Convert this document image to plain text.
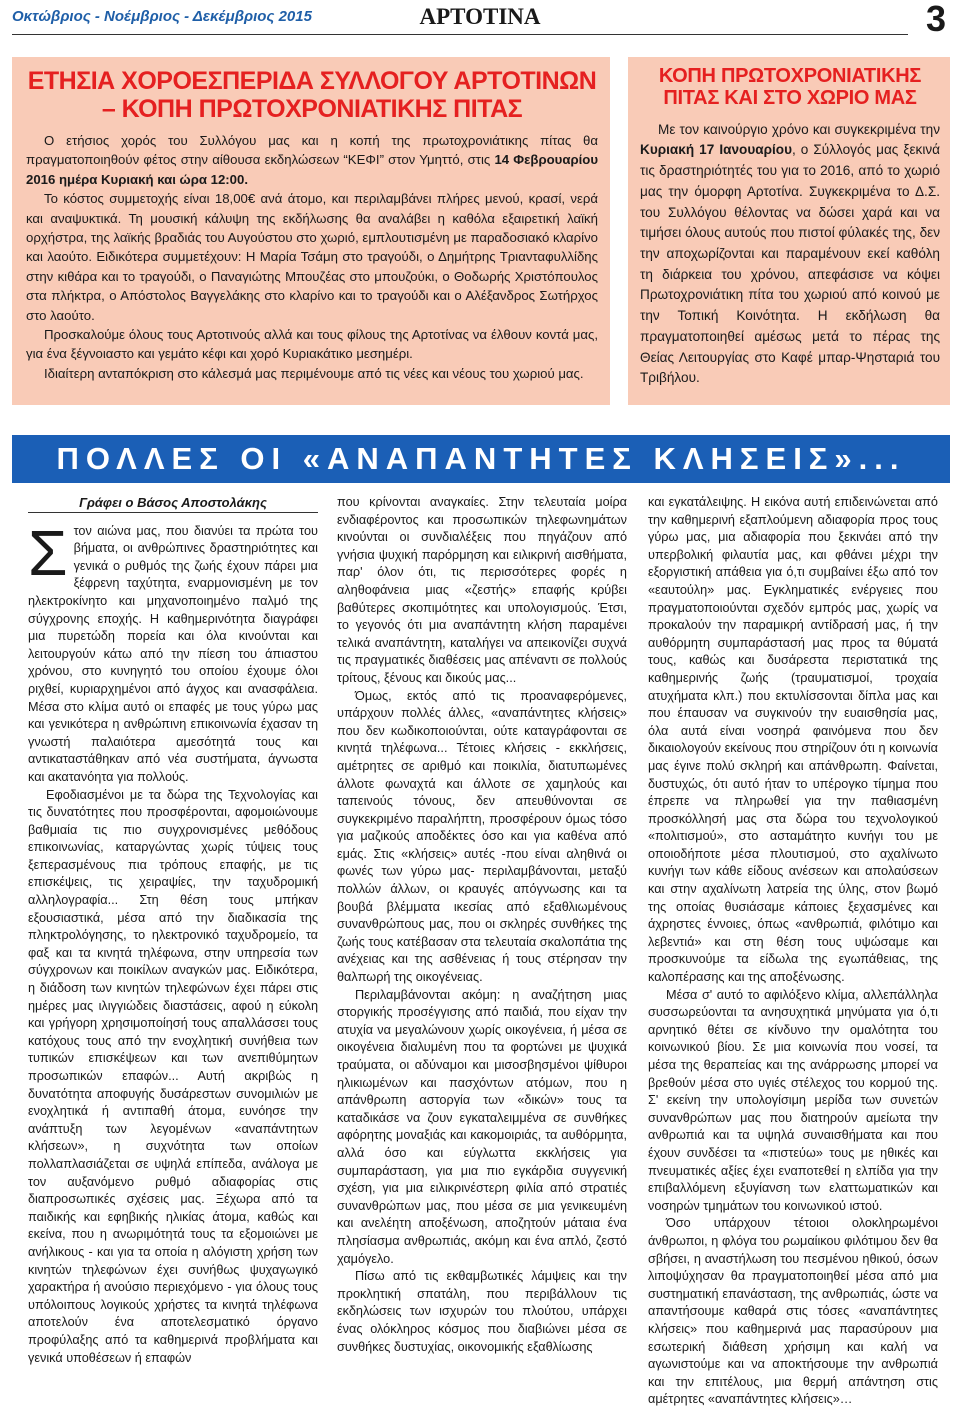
Οκτώβριος - Νοέμβριος - Δεκέμβριος 2015	ΑΡΤΟΤΙΝΑ	3
ΕΤΗΣΙΑ ΧΟΡΟΕΣΠΕΡΙΔΑ ΣΥΛΛΟΓΟΥ ΑΡΤΟΤΙΝΩΝ
– ΚΟΠΗ ΠΡΩΤΟΧΡΟΝΙΑΤΙΚΗΣ ΠΙΤΑΣ

Ο ετήσιος χορός του Συλλόγου μας και η κοπή της πρωτοχρονιάτικης πίτας θα πραγματοποιηθούν φέτος στην αίθουσα εκδηλώσεων “ΚΕΦΙ” στον Υμηττό, στις 14 Φεβρουαρίου 2016 ημέρα Κυριακή και ώρα 12:00.

Το κόστος συμμετοχής είναι 18,00€ ανά άτομο, και περιλαμβάνει πλήρες μενού, κρασί, νερά και αναψυκτικά. Τη μουσική κάλυψη της εκδήλωσης θα αναλάβει η καθόλα εξαιρετική λαϊκή ορχήστρα, της λαϊκής βραδιάς του Αυγούστου στο χωριό, εμπλουτισμένη με παραδοσιακό κλαρίνο και λαούτο. Ειδικότερα συμμετέχουν: Η Μαρία Τσάμη στο τραγούδι, ο Δημήτρης Τριανταφυλλίδης στην κιθάρα και το τραγούδι, ο Παναγιώτης Μπουζέας στο μπουζούκι, ο Θοδωρής Χριστόπουλος στα πλήκτρα, ο Απόστολος Βαγγελάκης στο κλαρίνο και το τραγούδι και ο Αλέξανδρος Σωτήρχος στο λαούτο.

Προσκαλούμε όλους τους Αρτοτινούς αλλά και τους φίλους της Αρτοτίνας να έλθουν κοντά μας, για ένα ξέγνοιαστο και γεμάτο κέφι και χορό Κυριακάτικο μεσημέρι.

Ιδιαίτερη ανταπόκριση στο κάλεσμά μας περιμένουμε από τις νέες και νέους του χωριού μας.

ΚΟΠΗ ΠΡΩΤΟΧΡΟΝΙΑΤΙΚΗΣ
ΠΙΤΑΣ ΚΑΙ ΣΤΟ ΧΩΡΙΟ ΜΑΣ

Με τον καινούργιο χρόνο και συγκεκριμένα την Κυριακή 17 Ιανουαρίου, ο Σύλλογός μας ξεκινά τις δραστηριότητές του για το 2016, από το χωριό μας την όμορφη Αρτοτίνα. Συγκεκριμένα το Δ.Σ. του Συλλόγου θέλοντας να δώσει χαρά και να τιμήσει όλους αυτούς που πιστοί φύλακές της, δεν την αποχωρίζονται και παραμένουν εκεί καθόλη τη διάρκεια του χρόνου, απεφάσισε να κόψει Πρωτοχρονιάτικη πίτα του χωριού από κοινού με την Τοπική Κοινότητα. Η εκδήλωση θα πραγματοποιηθεί αμέσως μετά το πέρας της Θείας Λειτουργίας στο Καφέ μπαρ-Ψησταριά του Τριβήλου.

ΠΟΛΛΕΣ ΟΙ «ΑΝΑΠΑΝΤΗΤΕΣ ΚΛΗΣΕΙΣ»...

Γράφει ο Βάσος Αποστολάκης

Στον αιώνα μας, που διανύει τα πρώτα του βήματα, οι ανθρώπινες δραστηριότητες και γενικά ο ρυθμός της ζωής έχουν πάρει μια ξέφρενη ταχύτητα, εναρμονισμένη με τον ηλεκτροκίνητο και μηχανοποιημένο παλμό της σύγχρονης εποχής. Η καθημερινότητα διαγράφει μια πυρετώδη πορεία και όλα κινούνται και λειτουργούν κάτω από την πίεση του άπιαστου χρόνου, στο κυνηγητό του οποίου έχουμε όλοι ριχθεί, κυριαρχημένοι από άγχος και ανασφάλεια. Μέσα στο κλίμα αυτό οι επαφές με τους γύρω μας και γενικότερα η ανθρώπινη επικοινωνία έχασαν τη γνωστή παλαιότερα αμεσότητά τους και αντικαταστάθηκαν από νέα συστήματα, άγνωστα και ακατανόητα για πολλούς.

Εφοδιασμένοι με τα δώρα της Τεχνολογίας και τις δυνατότητες που προσφέρονται, αφομοιώνουμε βαθμιαία τις πιο συγχρονισμένες μεθόδους επικοινωνίας, καταργώντας χωρίς τύψεις τους ξεπερασμένους πια τρόπους επαφής, με τις επισκέψεις, τις χειραψίες, την ταχυδρομική αλληλογραφία... Στη θέση τους μπήκαν εξουσιαστικά, μέσα από την διαδικασία της πληκτρολόγησης, το ηλεκτρονικό ταχυδρομείο, τα φαξ και τα κινητά τηλέφωνα, στην υπηρεσία των σύγχρονων και ποικίλων αναγκών μας. Ειδικότερα, η διάδοση των κινητών τηλεφώνων έχει πάρει στις ημέρες μας ιλιγγιώδεις διαστάσεις, αφού η εύκολη και γρήγορη χρησιμοποίησή τους απαλλάσσει τους κατόχους τους από την ενοχλητική συνήθεια των τυπικών επισκέψεων και των ανεπιθύμητων προσωπικών επαφών... Αυτή ακριβώς η δυνατότητα αποφυγής δυσάρεστων συνομιλιών με ενοχλητικά ή αντιπαθή άτομα, ευνόησε την ανάπτυξη των λεγομένων «αναπάντητων κλήσεων», η συχνότητα των οποίων πολλαπλασιάζεται σε υψηλά επίπεδα, ανάλογα με τον αυξανόμενο ρυθμό αδιαφορίας στις διαπροσωπικές σχέσεις μας. Ξέχωρα από τα παιδικής και εφηβικής ηλικίας άτομα, καθώς και εκείνα, που η ανωριμότητά τους τα εξομοιώνει με ανήλικους - και για τα οποία η αλόγιστη χρήση των κινητών τηλεφώνων έχει συνήθως ψυχαγωγικό χαρακτήρα ή ανούσιο περιεχόμενο - για όλους τους υπόλοιπους λογικούς χρήστες τα κινητά τηλέφωνα αποτελούν ένα αποτελεσματικό όργανο προφύλαξης από τα καθημερινά προβλήματα και γενικά υποθέσεων ή επαφών

που κρίνονται αναγκαίες. Στην τελευταία μοίρα ενδιαφέροντος και προσωπικών τηλεφωνημάτων κινούνται οι συνδιαλέξεις που πηγάζουν από γνήσια ψυχική παρόρμηση και ειλικρινή αισθήματα, παρ' όλον ότι, τις περισσότερες φορές η αληθοφάνεια μιας «ζεστής» επαφής κρύβει βαθύτερες σκοπιμότητες και υπολογισμούς. Έτσι, το γεγονός ότι μια αναπάντητη κλήση παραμένει τελικά αναπάντητη, καταλήγει να απεικονίζει συχνά τις πραγματικές διαθέσεις μας απέναντι σε πολλούς τρίτους, ξένους και δικούς μας...

Όμως, εκτός από τις προαναφερόμενες, υπάρχουν πολλές άλλες, «αναπάντητες κλήσεις» που δεν κωδικοποιούνται, ούτε καταγράφονται σε κινητά τηλέφωνα... Τέτοιες κλήσεις - εκκλήσεις, αμέτρητες σε αριθμό και ποικιλία, διατυπωμένες άλλοτε φωναχτά και άλλοτε σε χαμηλούς και ταπεινούς τόνους, δεν απευθύνονται σε συγκεκριμένο παραλήπτη, προσφέρουν όμως τόσο για μαζικούς αποδέκτες όσο και για καθένα από εμάς. Στις «κλήσεις» αυτές -που είναι αληθινά οι φωνές των γύρω μας- περιλαμβάνονται, μεταξύ πολλών άλλων, οι κραυγές απόγνωσης και τα βουβά βλέμματα ικεσίας από εξαθλιωμένους συνανθρώπους μας, που οι σκληρές συνθήκες της ζωής τους κατέβασαν στα τελευταία σκαλοπάτια της ανέχειας και της ασθένειας ή τους στέρησαν την θαλπωρή της οικογένειας.

Περιλαμβάνονται ακόμη: η αναζήτηση μιας στοργικής προσέγγισης από παιδιά, που είχαν την ατυχία να μεγαλώνουν χωρίς οικογένεια, ή μέσα σε οικογένεια διαλυμένη που τα φορτώνει με ψυχικά τραύματα, οι αδύναμοι και μισοσβησμένοι ψίθυροι ηλικιωμένων και πασχόντων ατόμων, που η απάνθρωπη αστοργία των «δικών» τους τα καταδικάσε να ζουν εγκαταλειμμένα σε συνθήκες αφόρητης μοναξιάς και κακομοιριάς, τα αυθόρμητα, αλλά όσο και εύγλωττα εκκλήσεις για συμπαράσταση, για μια πιο εγκάρδια συγγενική σχέση, για μια ειλικρινέστερη φιλία από στρατιές συνανθρώπων μας, που μέσα σε μια γενικευμένη και ανελέητη αποξένωση, αποζητούν μάταια ένα πλησίασμα ανθρωπιάς, ακόμη και ένα απλό, ζεστό χαμόγελο.

Πίσω από τις εκθαμβωτικές λάμψεις και την προκλητική σπατάλη, που περιβάλλουν τις εκδηλώσεις των ισχυρών του πλούτου, υπάρχει ένας ολόκληρος κόσμος που διαβιώνει μέσα σε συνθήκες δυστυχίας, οικονομικής εξαθλίωσης

και εγκατάλειψης. Η εικόνα αυτή επιδεινώνεται από την καθημερινή εξαπλούμενη αδιαφορία προς τους γύρω μας, μια αδιαφορία που ξεκινάει από την υπερβολική φιλαυτία μας, και φθάνει μέχρι την εξοργιστική απάθεια για ό,τι συμβαίνει έξω από τον «εαυτούλη» μας. Εγκληματικές ενέργειες που πραγματοποιούνται σχεδόν εμπρός μας, χωρίς να προκαλούν την παραμικρή αντίδρασή μας, ή την αυθόρμητη συμπαράστασή μας προς τα θύματά τους, καθώς και δυσάρεστα περιστατικά της καθημερινής ζωής (τραυματισμοί, τροχαία ατυχήματα κλπ.) που εκτυλίσσονται δίπλα μας και που έπαυσαν να συγκινούν την ευαισθησία μας, όλα αυτά είναι νοσηρά φαινόμενα που δεν δικαιολογούν εκείνους που στηρίζουν ότι η κοινωνία μας έγινε πολύ σκληρή και απάνθρωπη. Φαίνεται, δυστυχώς, ότι αυτό ήταν το υπέρογκο τίμημα που έπρεπε να πληρωθεί για την παθιασμένη προσκόλλησή μας στα δώρα του τεχνολογικού «πολιτισμού», στο ασταμάτητο κυνήγι του με οποιοδήποτε μέσα πλουτισμού, στο αχαλίνωτο κυνήγι των κάθε είδους ανέσεων και απολαύσεων και στην αχαλίνωτη λατρεία της ύλης, στον βωμό της οποίας θυσιάσαμε κάποιες ξεχασμένες και άχρηστες έννοιες, όπως «ανθρωπιά, φιλότιμο και λεβεντιά» και στη θέση τους υψώσαμε και προσκυνούμε τα είδωλα της εγωπάθειας, της καλοπέρασης και της αποξένωσης.

Μέσα σ' αυτό το αφιλόξενο κλίμα, αλλεπάλληλα συσσωρεύονται τα ανησυχητικά μηνύματα για ό,τι αρνητικό θέτει σε κίνδυνο την ομαλότητα του κοινωνικού βίου. Σε μια κοινωνία που νοσεί, τα μέσα της θεραπείας και της ανάρρωσης μπορεί να βρεθούν μέσα στο υγιές στέλεχος του κορμού της. Σ' εκείνη την υπολογίσιμη μερίδα των συνετών συνανθρώπων μας που διατηρούν αμείωτα την ανθρωπιά και τα υψηλά συναισθήματα και που έχουν συνδέσει τα «πιστεύω» τους με ηθικές και πνευματικές αξίες έχει εναποτεθεί η ελπίδα για την επιβαλλόμενη εξυγίανση των ελαττωματικών και νοσηρών τμημάτων του κοινωνικού ιστού.

Όσο υπάρχουν τέτοιοι ολοκληρωμένοι άνθρωποι, η φλόγα του ρωμαίικου φιλότιμου δεν θα σβήσει, η αναστήλωση του πεσμένου ηθικού, όσων λιποψύχησαν θα πραγματοποιηθεί μέσα από μια συστηματική επανάσταση, της ανθρωπιάς, ώστε να απαντήσουμε καθαρά στις τόσες «αναπάντητες κλήσεις» που καθημερινά μας παρασύρουν μια εσωτερική διάθεση χρήσιμη και καλή να αγωνιστούμε και να αποκτήσουμε την ανθρωπιά και την επιτέλους, μια θερμή απάντηση στις αμέτρητες «αναπάντητες κλήσεις»…
